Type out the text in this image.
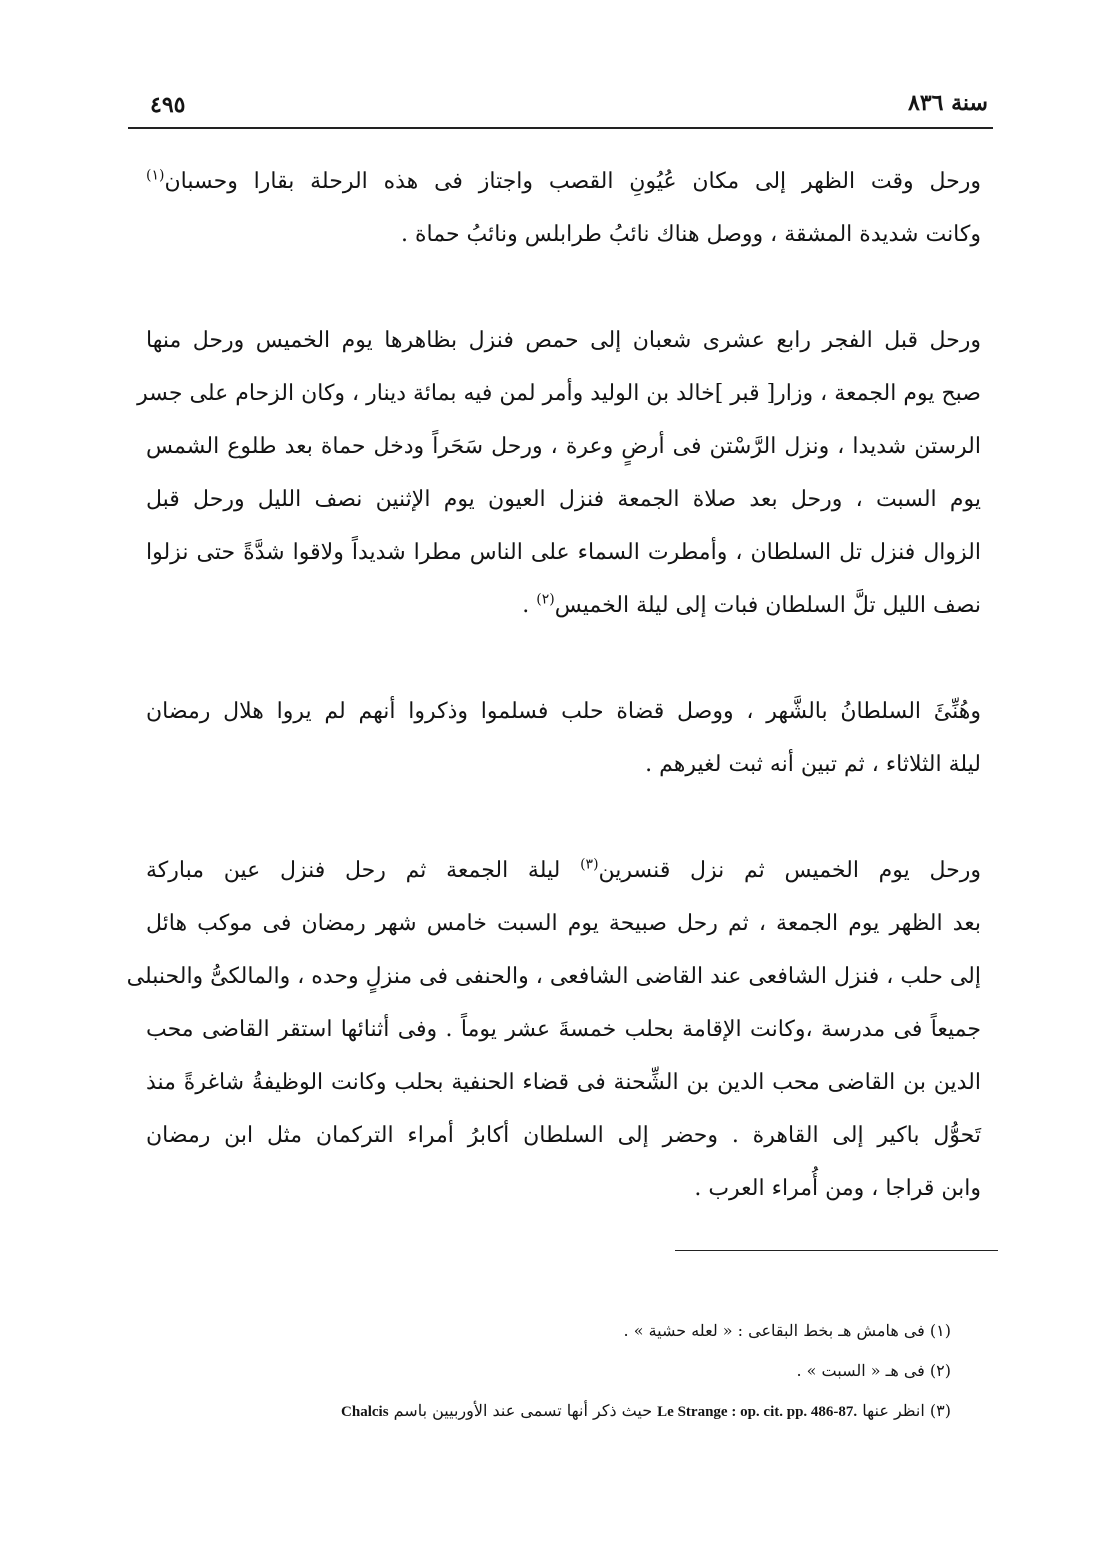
٤٩٥	سنة ٨٣٦
ورحل وقت الظهر إلى مكان عُيُونِ القصب واجتاز فى هذه الرحلة بقارا وحسبان$^{(١)}$
وكانت شديدة المشقة ، ووصل هناك نائبُ طرابلس ونائبُ حماة .
ورحل قبل الفجر رابع عشرى شعبان إلى حمص فنزل بظاهرها يوم الخميس ورحل منها
صبح يوم الجمعة ، وزار[ قبر ]خالد بن الوليد وأمر لمن فيه بمائة دينار ، وكان الزحام على جسر
الرستن شديدا ، ونزل الرَّسْتن فى أرضٍ وعرة ، ورحل سَحَراً ودخل حماة بعد طلوع الشمس
يوم السبت ، ورحل بعد صلاة الجمعة فنزل العيون يوم الإثنين نصف الليل ورحل قبل
الزوال فنزل تل السلطان ، وأمطرت السماء على الناس مطرا شديداً ولاقوا شدَّةً حتى نزلوا
نصف الليل تلَّ السلطان فبات إلى ليلة الخميس$^{(٢)}$ .
وهُنِّئَ السلطانُ بالشَّهر ، ووصل قضاة حلب فسلموا وذكروا أنهم لم يروا هلال رمضان
ليلة الثلاثاء ، ثم تبين أنه ثبت لغيرهم .
ورحل يوم الخميس ثم نزل قنسرين$^{(٣)}$ ليلة الجمعة ثم رحل فنزل عين مباركة
بعد الظهر يوم الجمعة ، ثم رحل صبيحة يوم السبت خامس شهر رمضان فى موكب هائل
إلى حلب ، فنزل الشافعى عند القاضى الشافعى ، والحنفى فى منزلٍ وحده ، والمالكىُّ والحنبلى
جميعاً فى مدرسة ،وكانت الإقامة بحلب خمسةَ عشر يوماً . وفى أثنائها استقر القاضى محب
الدين بن القاضى محب الدين بن الشِّحنة فى قضاء الحنفية بحلب وكانت الوظيفةُ شاغرةً منذ
تَحوُّل باكير إلى القاهرة . وحضر إلى السلطان أكابرُ أمراء التركمان مثل ابن رمضان
وابن قراجا ، ومن أُمراء العرب .
(١) فى هامش هـ بخط البقاعى : « لعله حشية » .
(٢) فى هـ « السبت » .
(٣) انظر عنها Le Strange : op. cit. pp. 486-87. حيث ذكر أنها تسمى عند الأوربيين باسم Chalcis
